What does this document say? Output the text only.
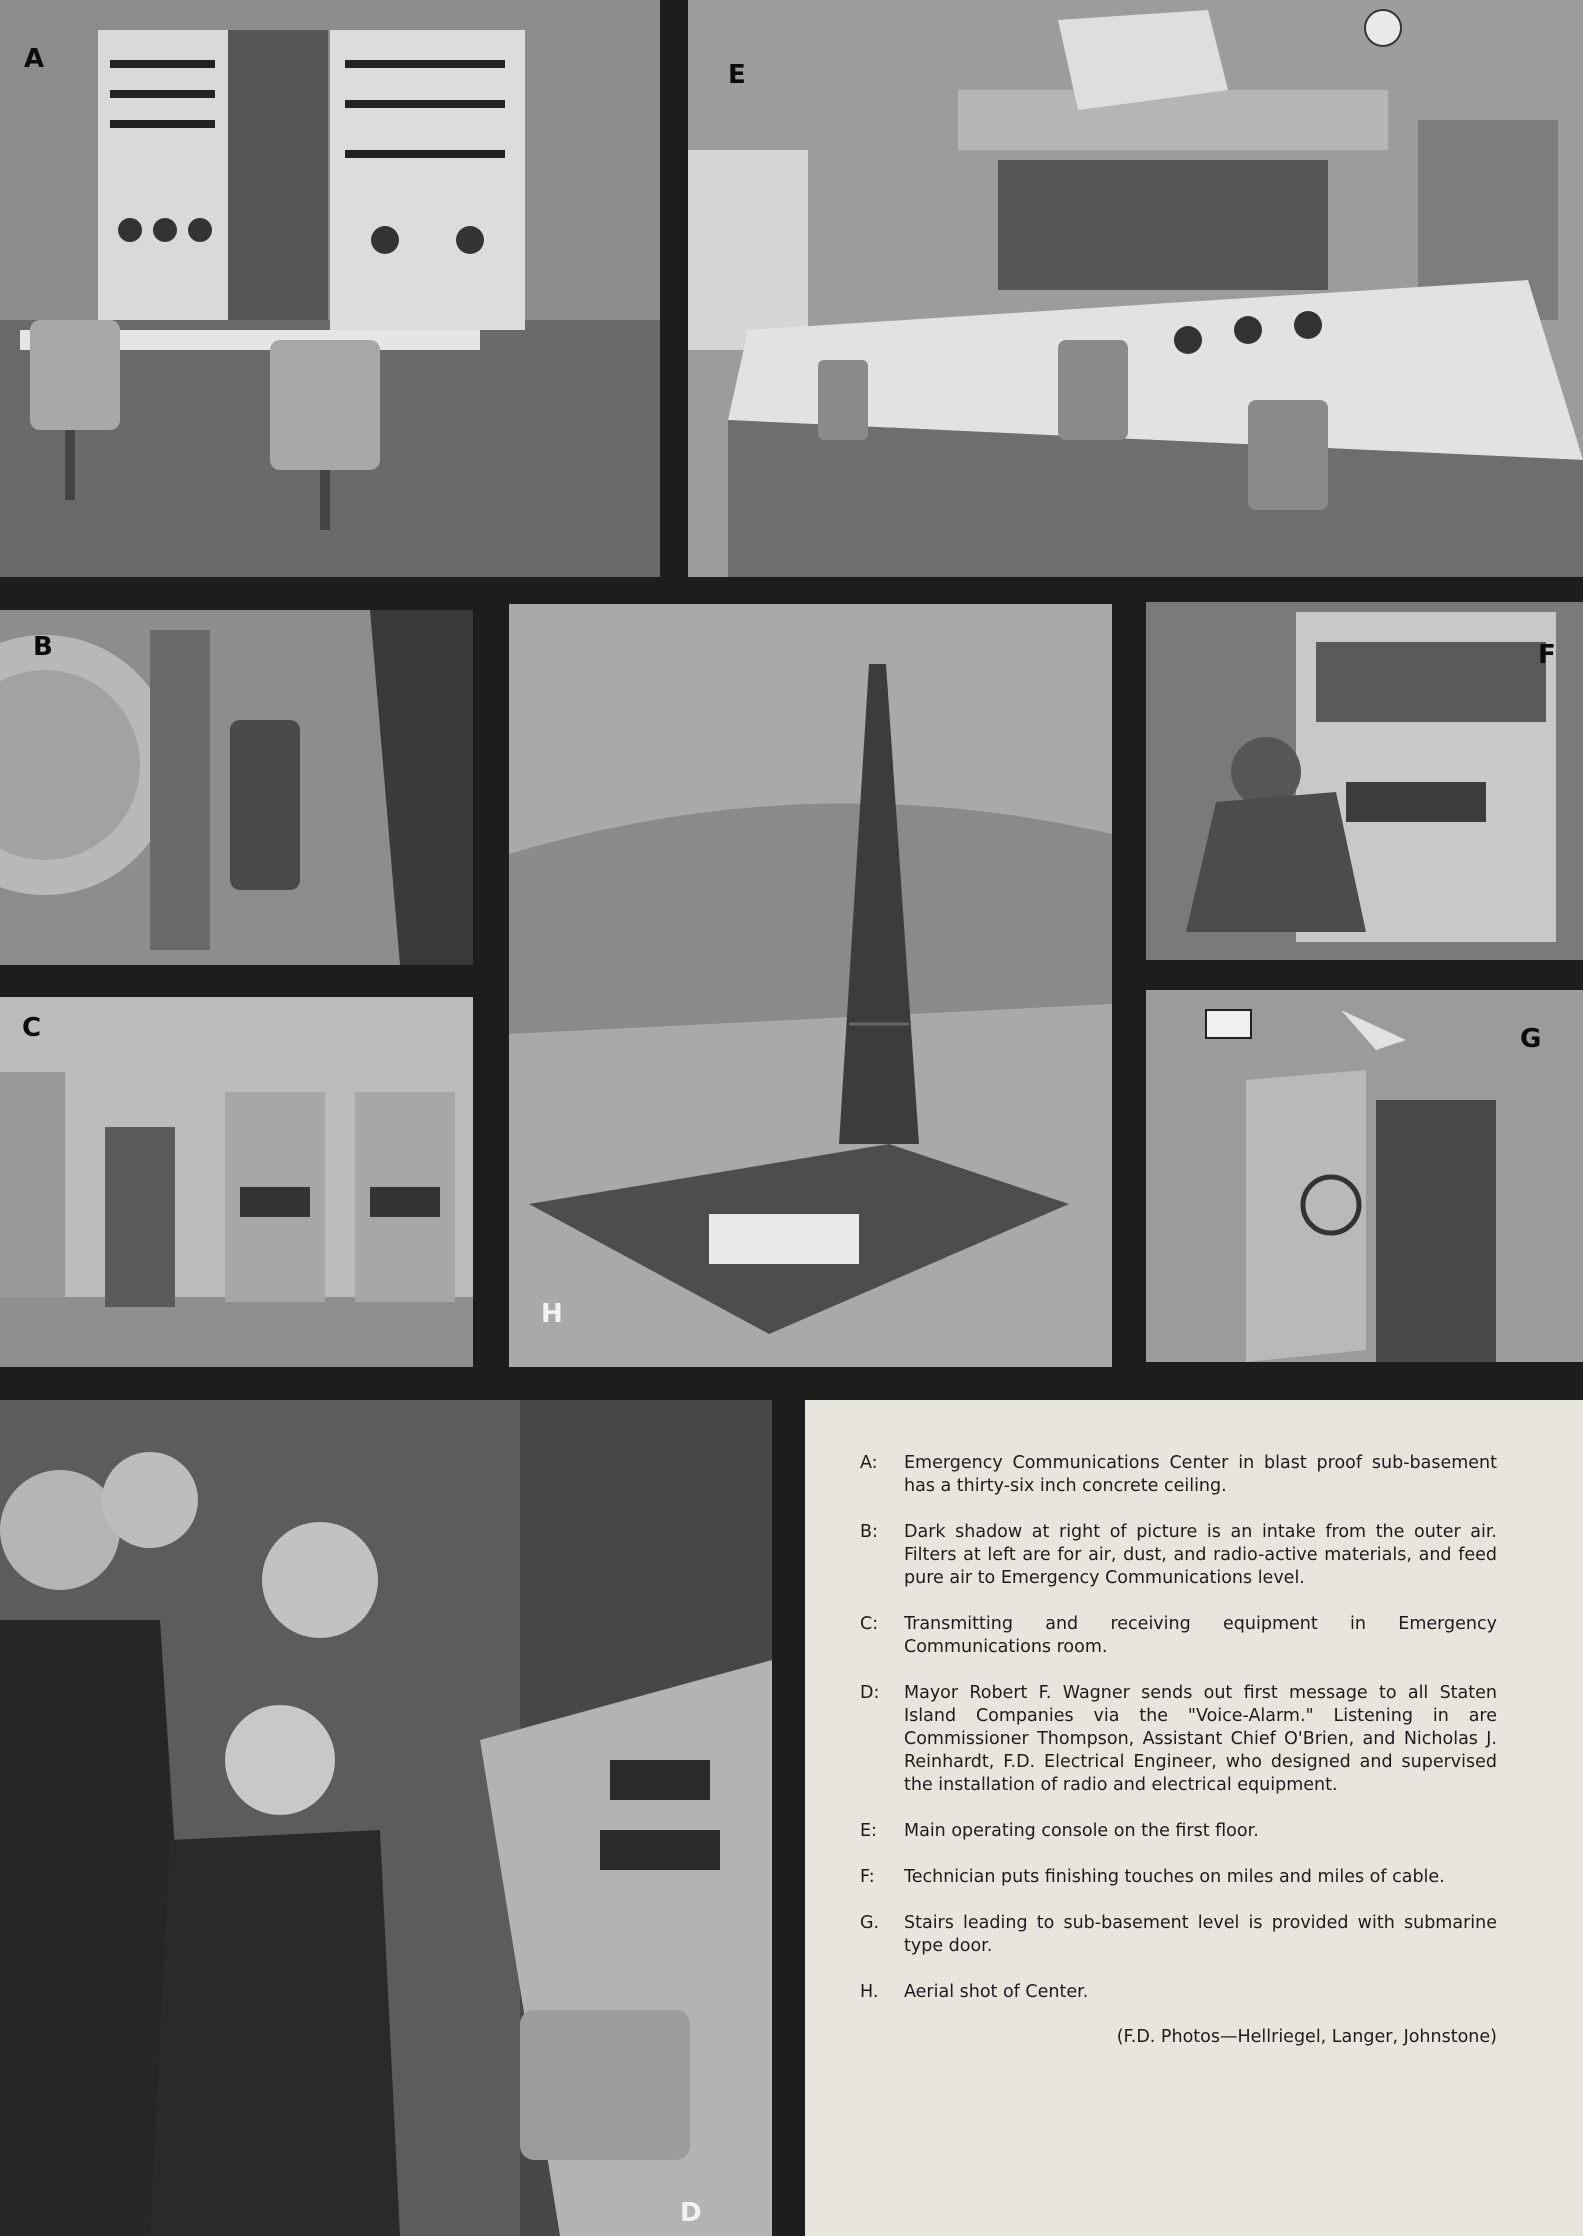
A
E
B
H
F
C	G
D
A:	Emergency Communications Center in blast proof sub-basement has a thirty-six inch concrete ceiling.
B:	Dark shadow at right of picture is an intake from the outer air. Filters at left are for air, dust, and radio-active materials, and feed pure air to Emergency Communications level.
C:	Transmitting and receiving equipment in Emergency Communications room.
D:	Mayor Robert F. Wagner sends out first message to all Staten Island Companies via the "Voice-Alarm." Listening in are Commissioner Thompson, Assistant Chief O'Brien, and Nicholas J. Reinhardt, F.D. Electrical Engineer, who designed and supervised the installation of radio and electrical equipment.
E:	Main operating console on the first floor.
F:	Technician puts finishing touches on miles and miles of cable.
G.	Stairs leading to sub-basement level is provided with submarine type door.
H.	Aerial shot of Center.
(F.D. Photos—Hellriegel, Langer, Johnstone)
